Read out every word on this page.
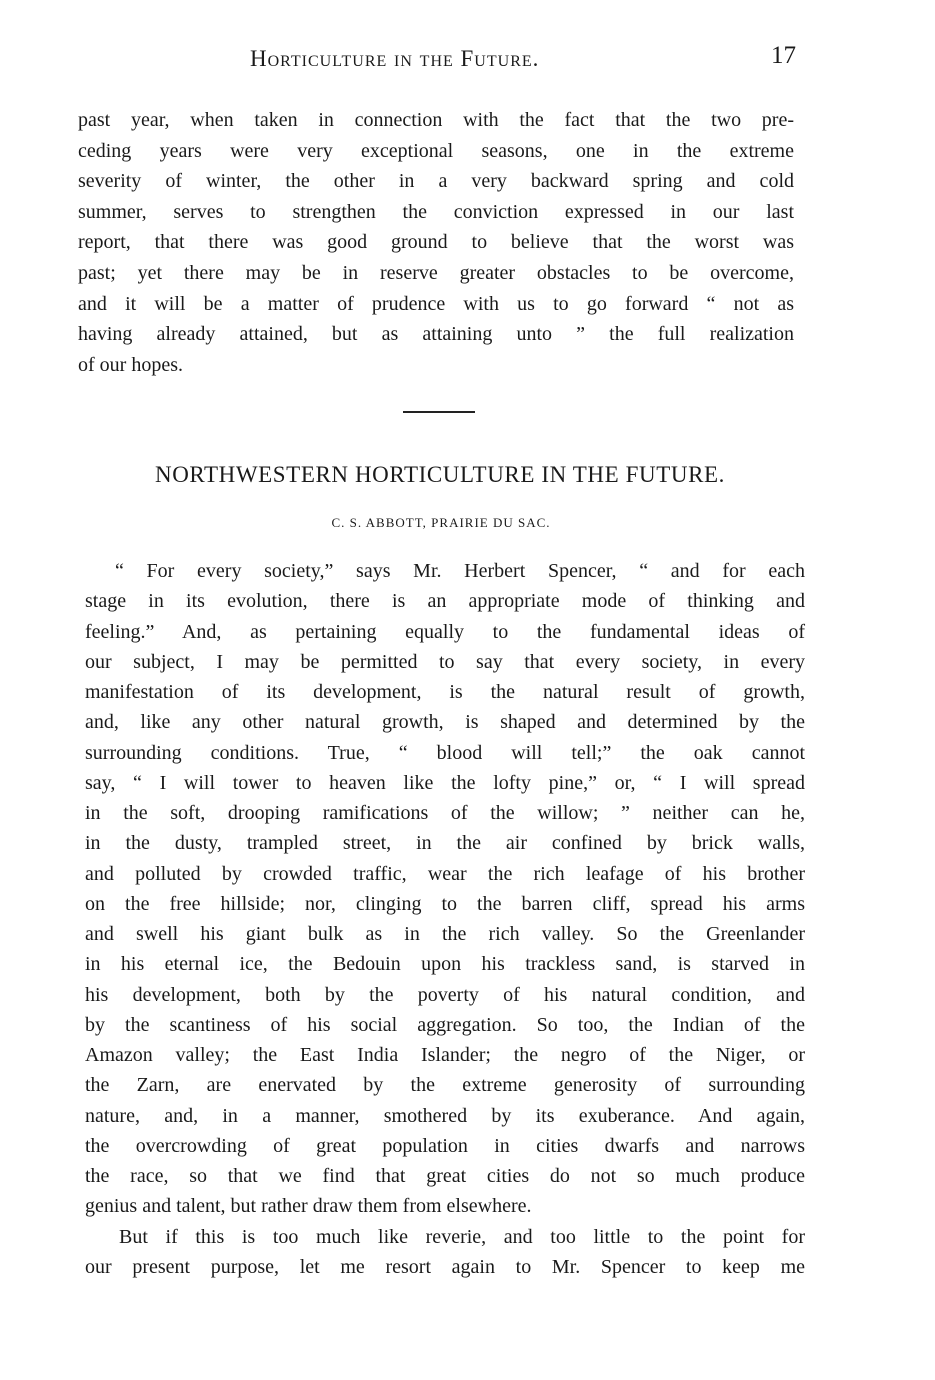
Horticulture in the Future.	17
past year, when taken in connection with the fact that the two pre-
ceding years were very exceptional seasons, one in the extreme
severity of winter, the other in a very backward spring and cold
summer, serves to strengthen the conviction expressed in our last
report, that there was good ground to believe that the worst was
past; yet there may be in reserve greater obstacles to be overcome,
and it will be a matter of prudence with us to go forward “ not as
having already attained, but as attaining unto ” the full realization
of our hopes.
NORTHWESTERN HORTICULTURE IN THE FUTURE.
C. S. ABBOTT, PRAIRIE DU SAC.
“ For every society,” says Mr. Herbert Spencer, “ and for each
stage in its evolution, there is an appropriate mode of thinking and
feeling.” And, as pertaining equally to the fundamental ideas of
our subject, I may be permitted to say that every society, in every
manifestation of its development, is the natural result of growth,
and, like any other natural growth, is shaped and determined by the
surrounding conditions. True, “ blood will tell;” the oak cannot
say, “ I will tower to heaven like the lofty pine,” or, “ I will spread
in the soft, drooping ramifications of the willow; ” neither can he,
in the dusty, trampled street, in the air confined by brick walls,
and polluted by crowded traffic, wear the rich leafage of his brother
on the free hillside; nor, clinging to the barren cliff, spread his arms
and swell his giant bulk as in the rich valley. So the Greenlander
in his eternal ice, the Bedouin upon his trackless sand, is starved in
his development, both by the poverty of his natural condition, and
by the scantiness of his social aggregation. So too, the Indian of the
Amazon valley; the East India Islander; the negro of the Niger, or
the Zarn, are enervated by the extreme generosity of surrounding
nature, and, in a manner, smothered by its exuberance. And again,
the overcrowding of great population in cities dwarfs and narrows
the race, so that we find that great cities do not so much produce
genius and talent, but rather draw them from elsewhere.
But if this is too much like reverie, and too little to the point for
our present purpose, let me resort again to Mr. Spencer to keep me
